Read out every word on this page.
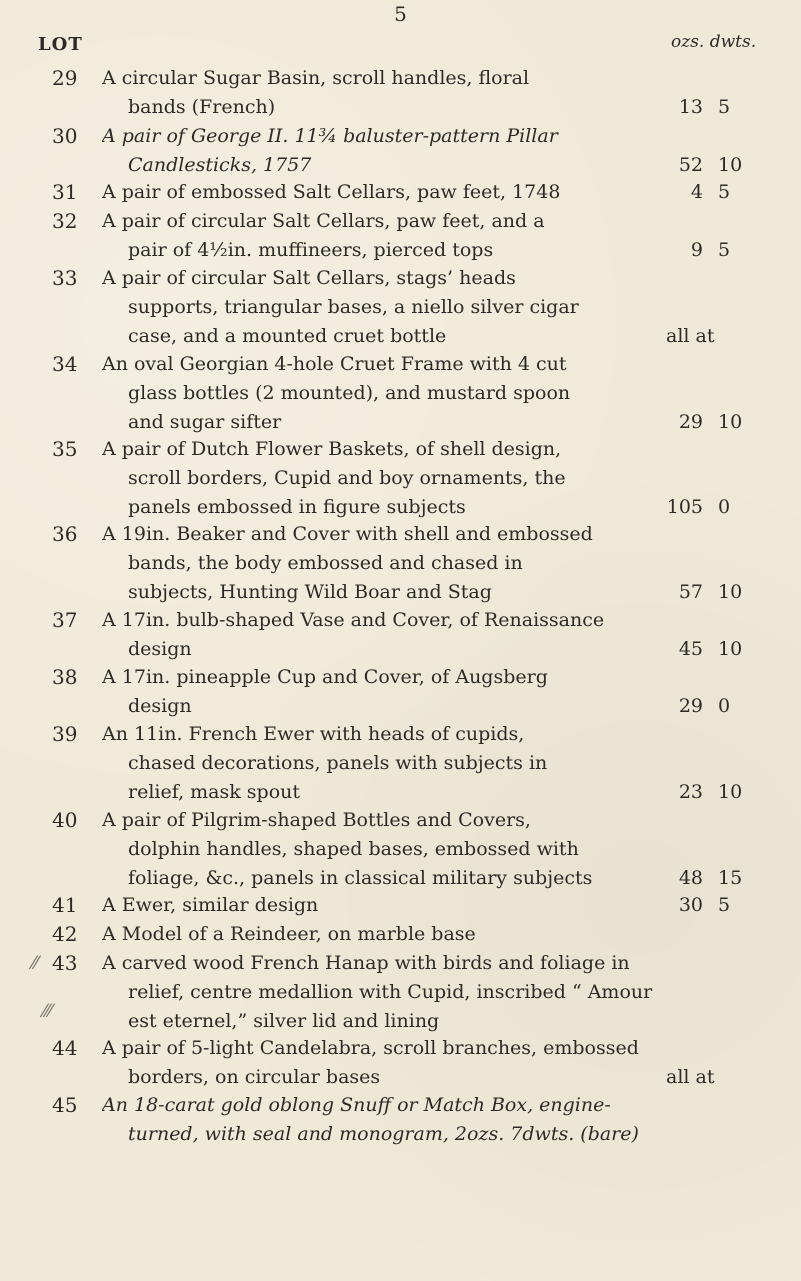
5
LOT	ozs. dwts.
⁄⁄
⁄⁄⁄
29	A circular Sugar Basin, scroll handles, floral
bands (French)	13 5
30	A pair of George II. 11¾ baluster-pattern Pillar
Candlesticks, 1757	52 10
31	A pair of embossed Salt Cellars, paw feet, 1748	4 5
32	A pair of circular Salt Cellars, paw feet, and a
pair of 4½in. muffineers, pierced tops	9 5
33	A pair of circular Salt Cellars, stags’ heads
supports, triangular bases, a niello silver cigar
case, and a mounted cruet bottle	all at
34	An oval Georgian 4-hole Cruet Frame with 4 cut
glass bottles (2 mounted), and mustard spoon
and sugar sifter	29 10
35	A pair of Dutch Flower Baskets, of shell design,
scroll borders, Cupid and boy ornaments, the
panels embossed in figure subjects	105 0
36	A 19in. Beaker and Cover with shell and embossed
bands, the body embossed and chased in
subjects, Hunting Wild Boar and Stag	57 10
37	A 17in. bulb-shaped Vase and Cover, of Renaissance
design	45 10
38	A 17in. pineapple Cup and Cover, of Augsberg
design	29 0
39	An 11in. French Ewer with heads of cupids,
chased decorations, panels with subjects in
relief, mask spout	23 10
40	A pair of Pilgrim-shaped Bottles and Covers,
dolphin handles, shaped bases, embossed with
foliage, &c., panels in classical military subjects	48 15
41	A Ewer, similar design	30 5
42	A Model of a Reindeer, on marble base
43	A carved wood French Hanap with birds and foliage in
relief, centre medallion with Cupid, inscribed “ Amour
est eternel,” silver lid and lining
44	A pair of 5-light Candelabra, scroll branches, embossed
borders, on circular bases	all at
45	An 18-carat gold oblong Snuff or Match Box, engine-
turned, with seal and monogram, 2ozs. 7dwts. (bare)
